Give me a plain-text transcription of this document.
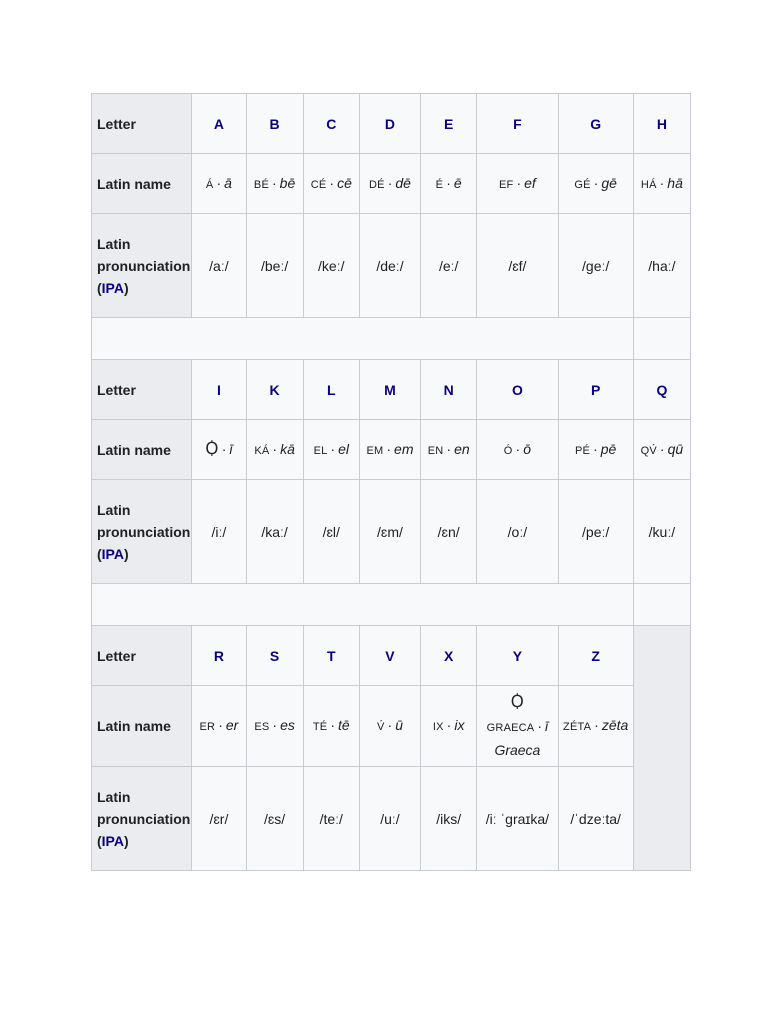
Letter	A	B	C	D	E	F	G	H
Latin name	Á · ā	BÉ · bē	CÉ · cē	DÉ · dē	É · ē	EF · ef	GÉ · gē	HÁ · hā
Latin pronunciation (IPA)	/aː/	/beː/	/keː/	/deː/	/eː/	/ɛf/	/ɡeː/	/haː/

Letter	I	K	L	M	N	O	P	Q
Latin name	Ꟁ · ī	KÁ · kā	EL · el	EM · em	EN · en	Ó · ō	PÉ · pē	QV́ · qū
Latin pronunciation (IPA)	/iː/	/kaː/	/ɛl/	/ɛm/	/ɛn/	/oː/	/peː/	/kuː/

Letter	R	S	T	V	X	Y	Z	
Latin name	ER · er	ES · es	TÉ · tē	V́ · ū	IX · ix	Ꟁ GRAECA · ī Graeca	ZÉTA · zēta	
Latin pronunciation (IPA)	/ɛr/	/ɛs/	/teː/	/uː/	/iks/	/iː ˈɡraɪka/	/ˈdzeːta/	
